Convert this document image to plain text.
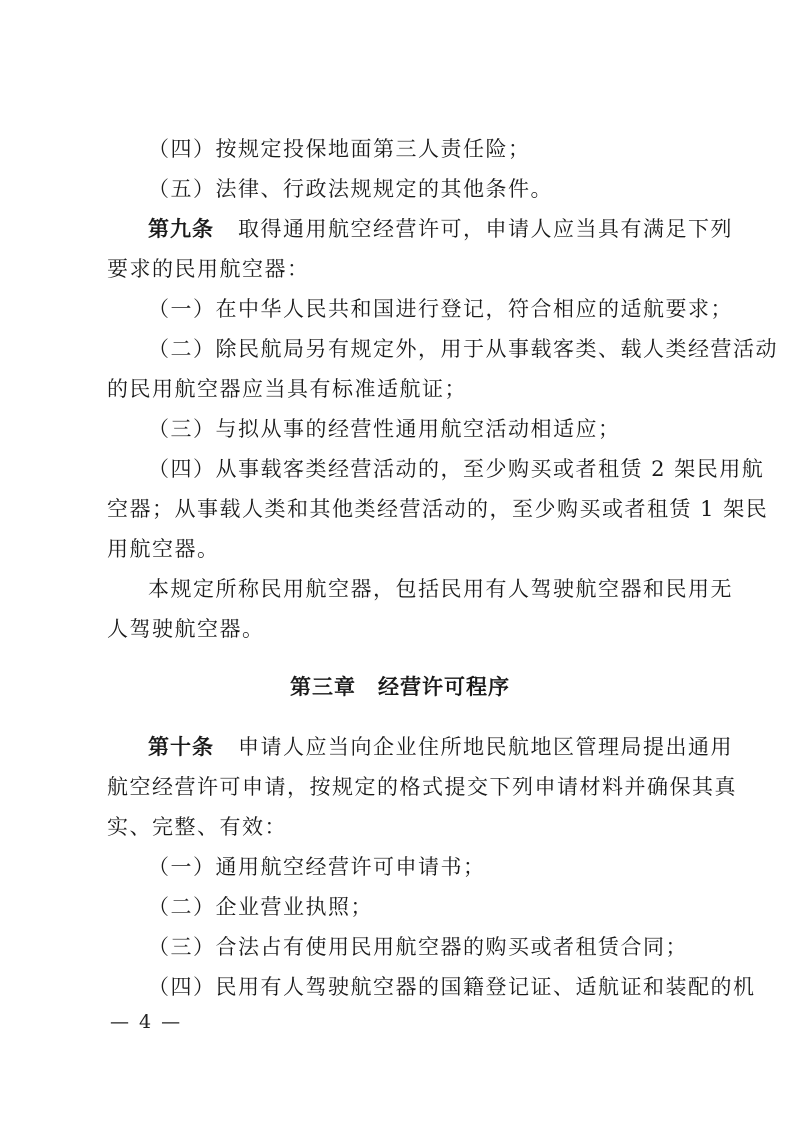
（四）按规定投保地面第三人责任险；
（五）法律、行政法规规定的其他条件。
第九条 取得通用航空经营许可，申请人应当具有满足下列
要求的民用航空器：
（一）在中华人民共和国进行登记，符合相应的适航要求；
（二）除民航局另有规定外，用于从事载客类、载人类经营活动
的民用航空器应当具有标准适航证；
（三）与拟从事的经营性通用航空活动相适应；
（四）从事载客类经营活动的，至少购买或者租赁 2 架民用航
空器；从事载人类和其他类经营活动的，至少购买或者租赁 1 架民
用航空器。
本规定所称民用航空器，包括民用有人驾驶航空器和民用无
人驾驶航空器。
第三章　经营许可程序
第十条 申请人应当向企业住所地民航地区管理局提出通用
航空经营许可申请，按规定的格式提交下列申请材料并确保其真
实、完整、有效：
（一）通用航空经营许可申请书；
（二）企业营业执照；
（三）合法占有使用民用航空器的购买或者租赁合同；
（四）民用有人驾驶航空器的国籍登记证、适航证和装配的机
— 4 —
